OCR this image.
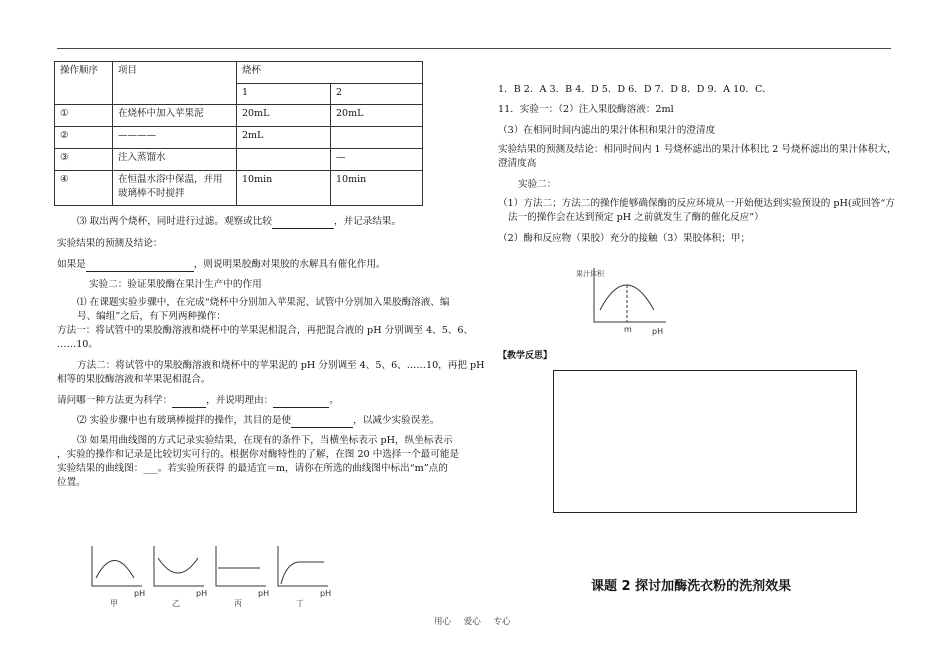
操作顺序	项目	烧杯	
		1	2
①	在烧杯中加入苹果泥	20mL	20mL
②	————	2mL	
③	注入蒸馏水		—
④	在恒温水浴中保温，并用玻璃棒不时搅拌	10min	10min
⑶ 取出两个烧杯，同时进行过滤。观察或比较	，并记录结果。
实验结果的预测及结论：
如果是	，则说明果胶酶对果胶的水解具有催化作用。
实验二：验证果胶酶在果汁生产中的作用
⑴ 在课题实验步骤中，在完成“烧杯中分别加入苹果泥、试管中分别加入果胶酶溶液、编
号、编组”之后，有下列两种操作：
方法一：将试管中的果胶酶溶液和烧杯中的苹果泥相混合，再把混合液的 pH 分别调至 4、5、6、
……10。
方法二：将试管中的果胶酶溶液和烧杯中的苹果泥的 pH 分别调至 4、5、6、……10，再把 pH
相等的果胶酶溶液和苹果泥相混合。
请问哪一种方法更为科学：	，并说明理由：	。
⑵ 实验步骤中也有玻璃棒搅拌的操作，其目的是使	，以减少实验误差。
⑶ 如果用曲线图的方式记录实验结果，在现有的条件下，当横坐标表示 pH，纵坐标表示
，实验的操作和记录是比较切实可行的。根据你对酶特性的了解，在图 20 中选择一个最可能是
实验结果的曲线图：___。若实验所获得 的最适宜＝m，请你在所选的曲线图中标出“m”点的
位置。
pH	pH	pH	pH
甲	乙	丙	丁
1．B 2．A 3．B 4．D 5．D 6．D 7．D 8．D 9．A 10．C．
11．实验一：（2）注入果胶酶溶液：2ml
（3）在相同时间内滤出的果汁体积和果汁的澄清度
实验结果的预测及结论：相同时间内 1 号烧杯滤出的果汁体积比 2 号烧杯滤出的果汁体积大，
澄清度高
实验二：
（1）方法二；方法二的操作能够确保酶的反应环境从一开始便达到实验预设的 pH(或回答“方
法一的操作会在达到预定 pH 之前就发生了酶的催化反应”）
（2）酶和反应物（果胶）充分的接触（3）果胶体积；甲；
果汁体积
m	pH
【教学反思】
课题 2 探讨加酶洗衣粉的洗剂效果
用心 爱心 专心
